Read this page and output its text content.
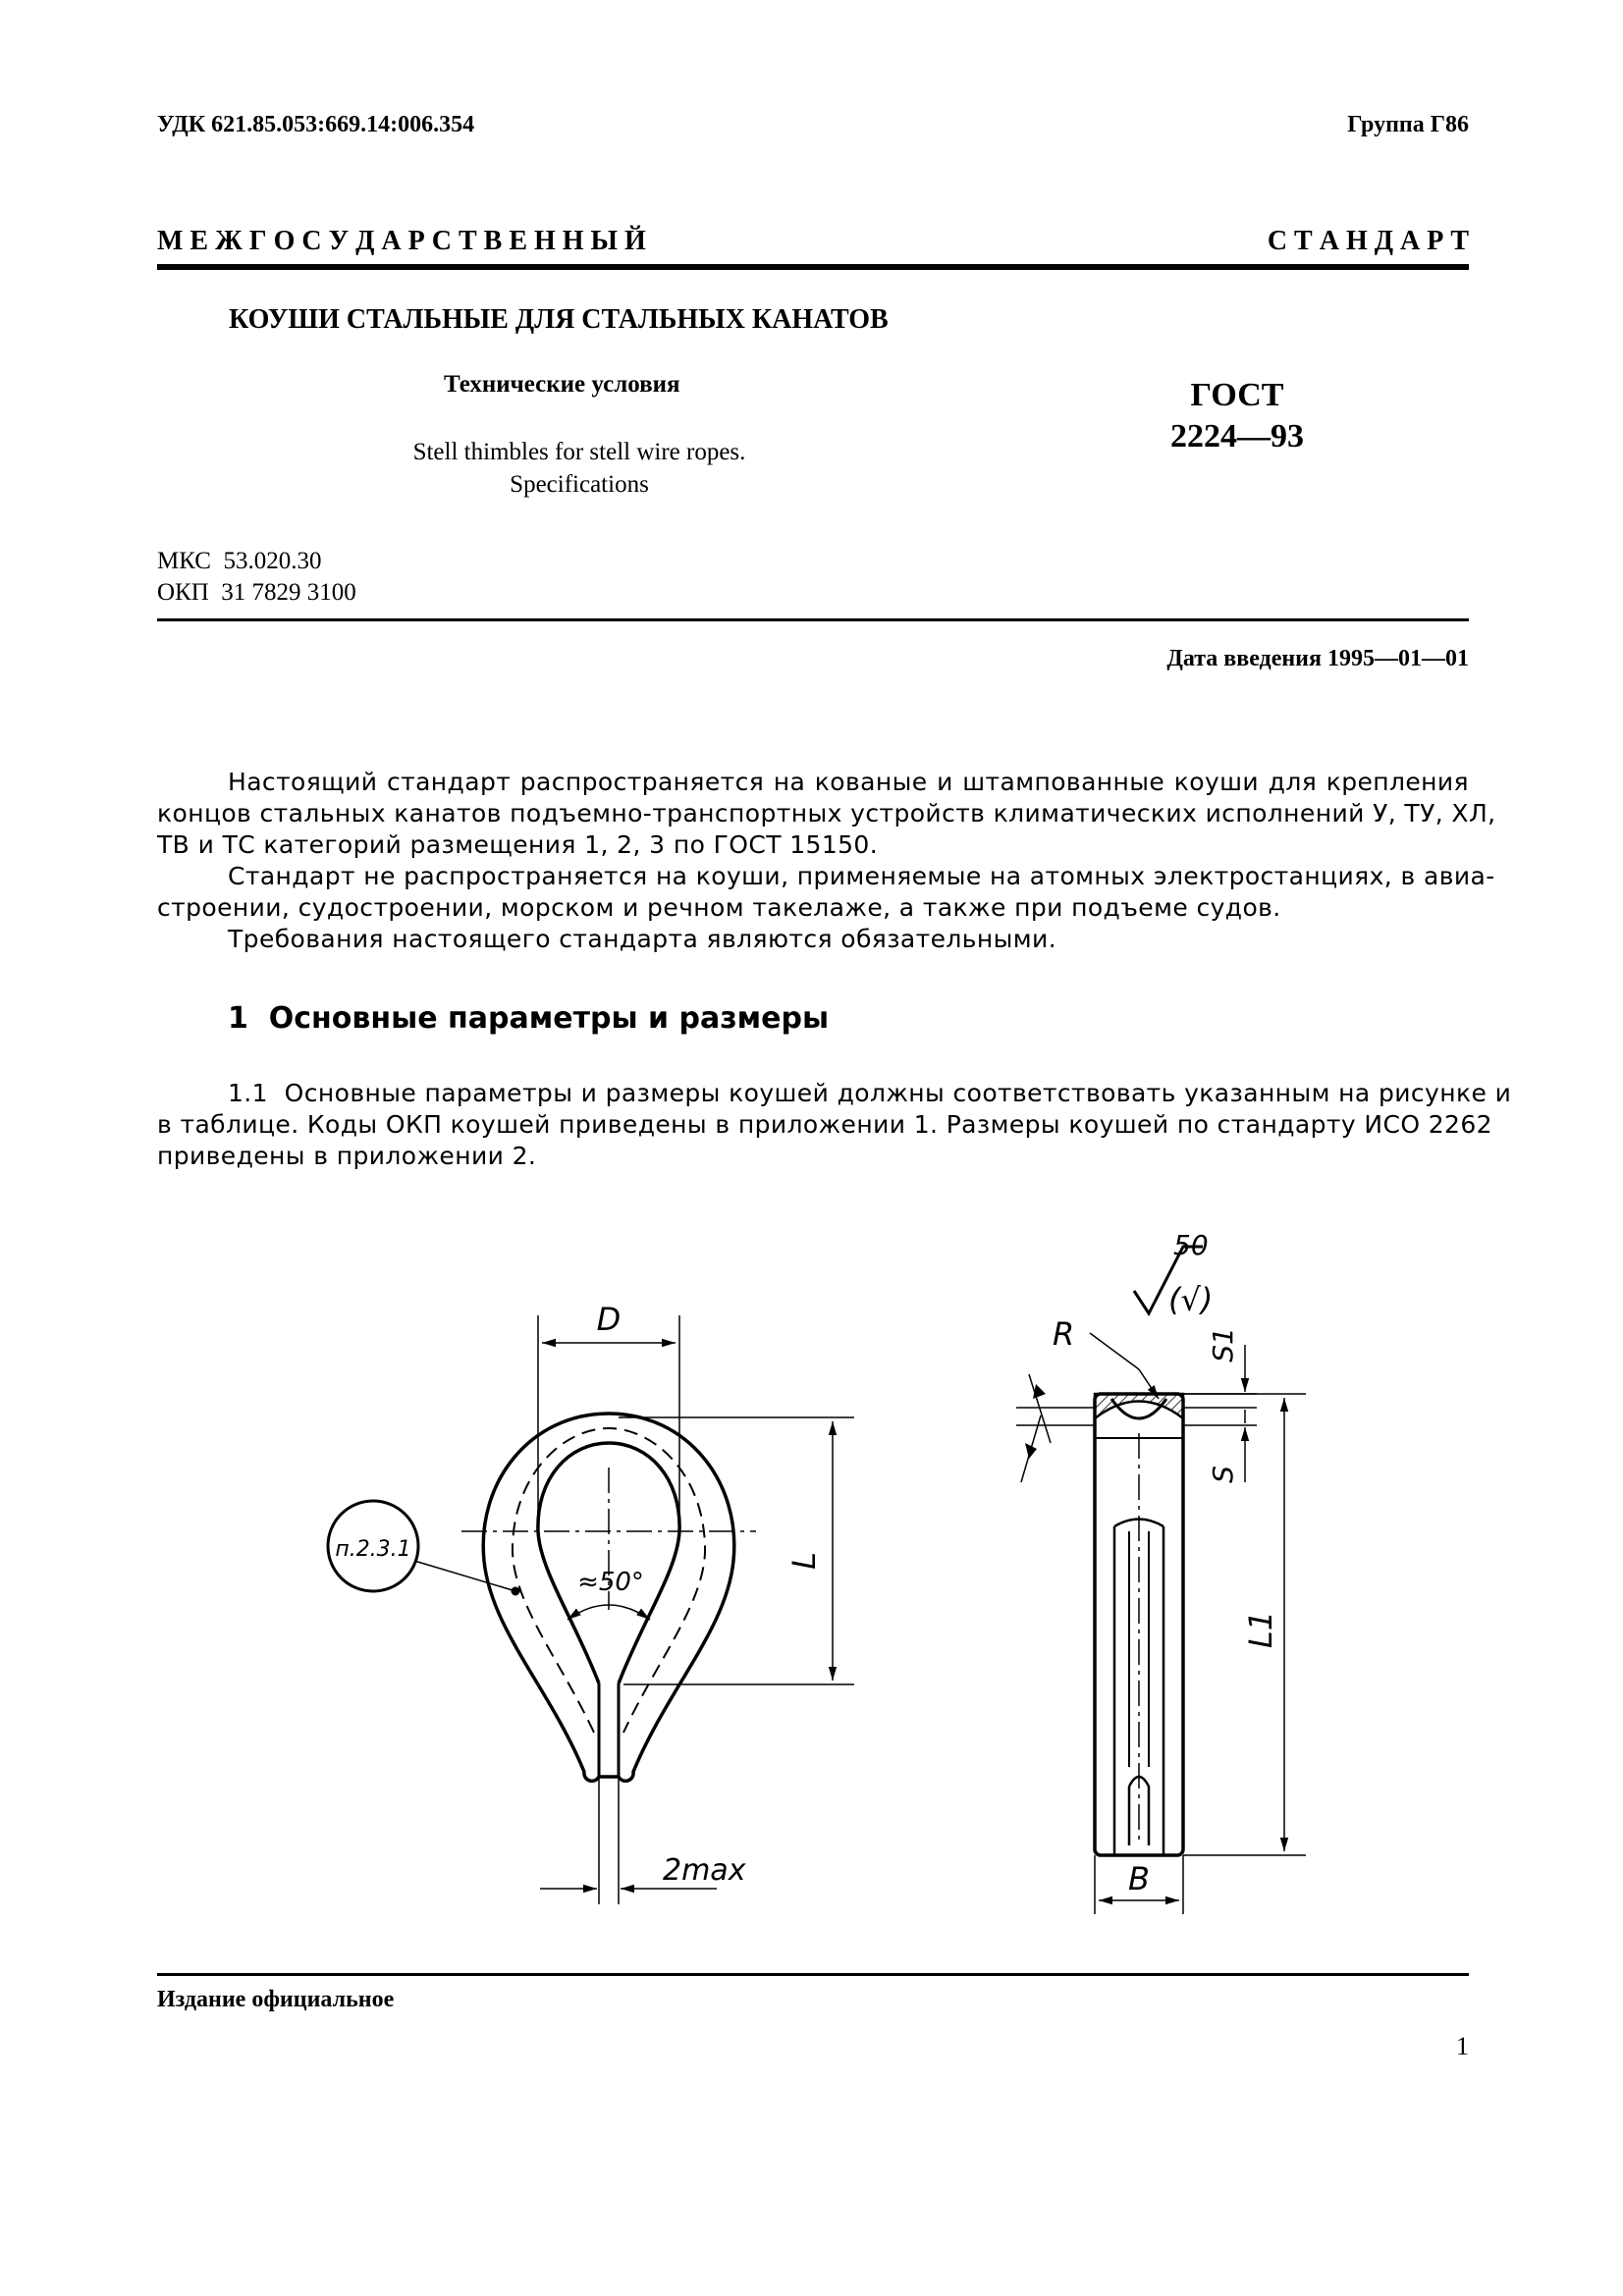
УДК 621.85.053:669.14:006.354	Группа Г86
М Е Ж Г О С У Д А Р С Т В Е Н Н Ы Й	С Т А Н Д А Р Т
КОУШИ СТАЛЬНЫЕ ДЛЯ СТАЛЬНЫХ КАНАТОВ
Технические условия
Stell thimbles for stell wire ropes.
Specifications
ГОСТ
2224—93
МКС  53.020.30
ОКП  31 7829 3100
Дата введения 1995—01—01
Настоящий стандарт распространяется на кованые и штампованные коуши для крепления
концов стальных канатов подъемно-транспортных устройств климатических исполнений У, ТУ, ХЛ,
ТВ и ТС категорий размещения 1, 2, 3 по ГОСТ 15150.
Стандарт не распространяется на коуши, применяемые на атомных электростанциях, в авиа-
строении, судостроении, морском и речном такелаже, а также при подъеме судов.
Требования настоящего стандарта являются обязательными.
1  Основные параметры и размеры
1.1  Основные параметры и размеры коушей должны соответствовать указанным на рисунке и
в таблице. Коды ОКП коушей приведены в приложении 1. Размеры коушей по стандарту ИСО 2262
приведены в приложении 2.
D
L
≈50°
2max
п.2.3.1
50
(√)
R	S1
S
L1
B
Издание официальное
1
